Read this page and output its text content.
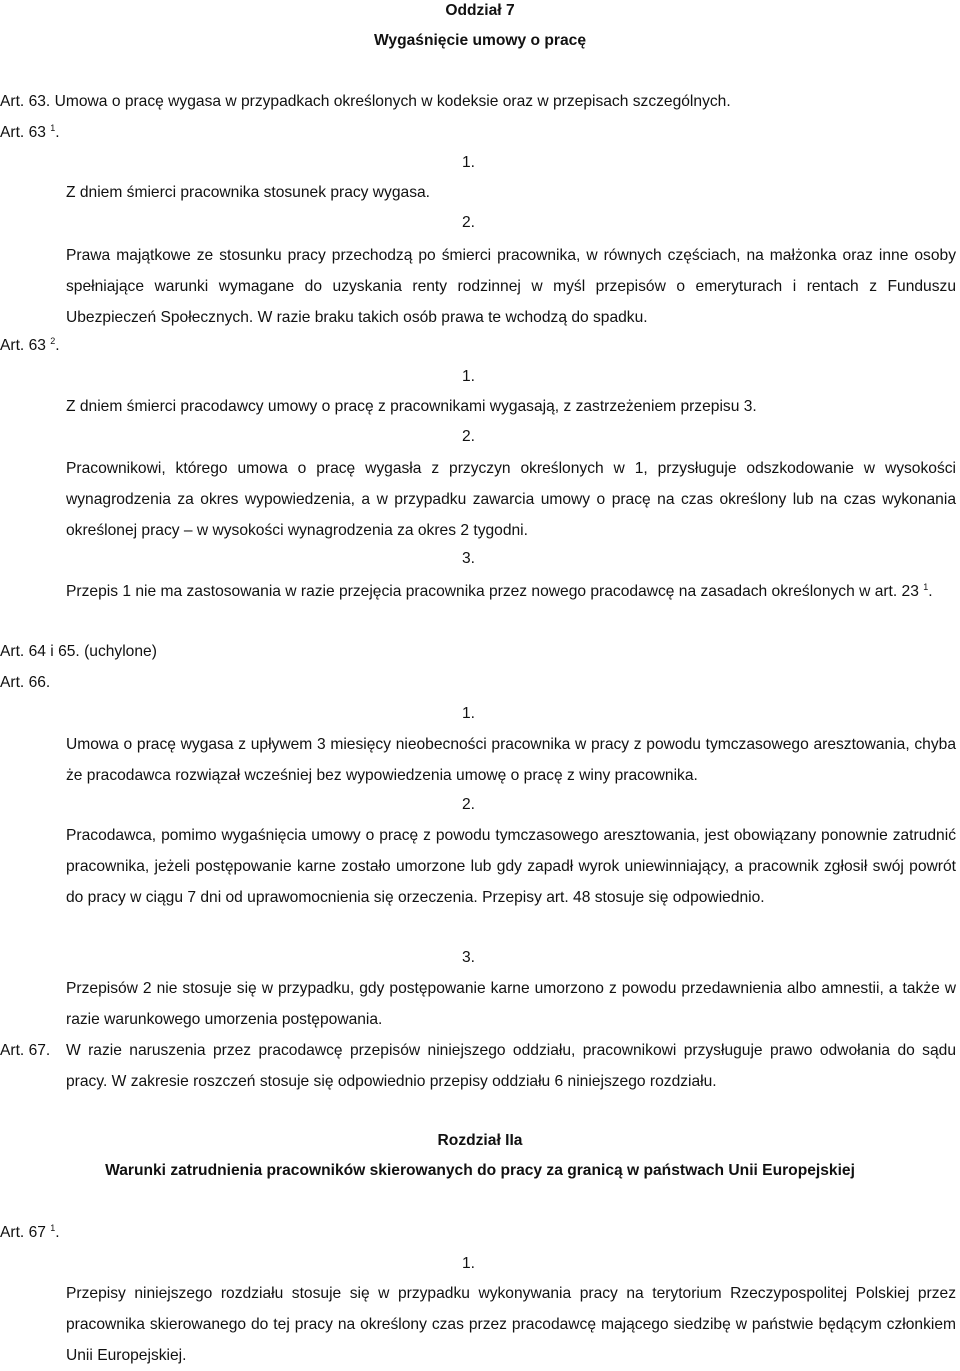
Oddział 7

Wygaśnięcie umowy o pracę

Art. 63. Umowa o pracę wygasa w przypadkach określonych w kodeksie oraz w przepisach szczególnych.

Art. 63 $^1$.

1.

Z dniem śmierci pracownika stosunek pracy wygasa.

2.

Prawa majątkowe ze stosunku pracy przechodzą po śmierci pracownika, w równych częściach, na małżonka oraz inne osoby spełniające warunki wymagane do uzyskania renty rodzinnej w myśl przepisów o emeryturach i rentach z Funduszu Ubezpieczeń Społecznych. W razie braku takich osób prawa te wchodzą do spadku.

Art. 63 $^2$.

1.

Z dniem śmierci pracodawcy umowy o pracę z pracownikami wygasają, z zastrzeżeniem przepisu 3.

2.

Pracownikowi, którego umowa o pracę wygasła z przyczyn określonych w 1, przysługuje odszkodowanie w wysokości wynagrodzenia za okres wypowiedzenia, a w przypadku zawarcia umowy o pracę na czas określony lub na czas wykonania określonej pracy – w wysokości wynagrodzenia za okres 2 tygodni.

3.

Przepis 1 nie ma zastosowania w razie przejęcia pracownika przez nowego pracodawcę na zasadach określonych w art. 23 $^1$.

Art. 64 i 65. (uchylone)

Art. 66.

1.

Umowa o pracę wygasa z upływem 3 miesięcy nieobecności pracownika w pracy z powodu tymczasowego aresztowania, chyba że pracodawca rozwiązał wcześniej bez wypowiedzenia umowę o pracę z winy pracownika.

2.

Pracodawca, pomimo wygaśnięcia umowy o pracę z powodu tymczasowego aresztowania, jest obowiązany ponownie zatrudnić pracownika, jeżeli postępowanie karne zostało umorzone lub gdy zapadł wyrok uniewinniający, a pracownik zgłosił swój powrót do pracy w ciągu 7 dni od uprawomocnienia się orzeczenia. Przepisy art. 48 stosuje się odpowiednio.

3.

Przepisów 2 nie stosuje się w przypadku, gdy postępowanie karne umorzono z powodu przedawnienia albo amnestii, a także w razie warunkowego umorzenia postępowania.

Art. 67. W razie naruszenia przez pracodawcę przepisów niniejszego oddziału, pracownikowi przysługuje prawo odwołania do sądu pracy. W zakresie roszczeń stosuje się odpowiednio przepisy oddziału 6 niniejszego rozdziału.

Rozdział IIa

Warunki zatrudnienia pracowników skierowanych do pracy za granicą w państwach Unii Europejskiej

Art. 67 $^1$.

1.

Przepisy niniejszego rozdziału stosuje się w przypadku wykonywania pracy na terytorium Rzeczypospolitej Polskiej przez pracownika skierowanego do tej pracy na określony czas przez pracodawcę mającego siedzibę w państwie będącym członkiem Unii Europejskiej.
